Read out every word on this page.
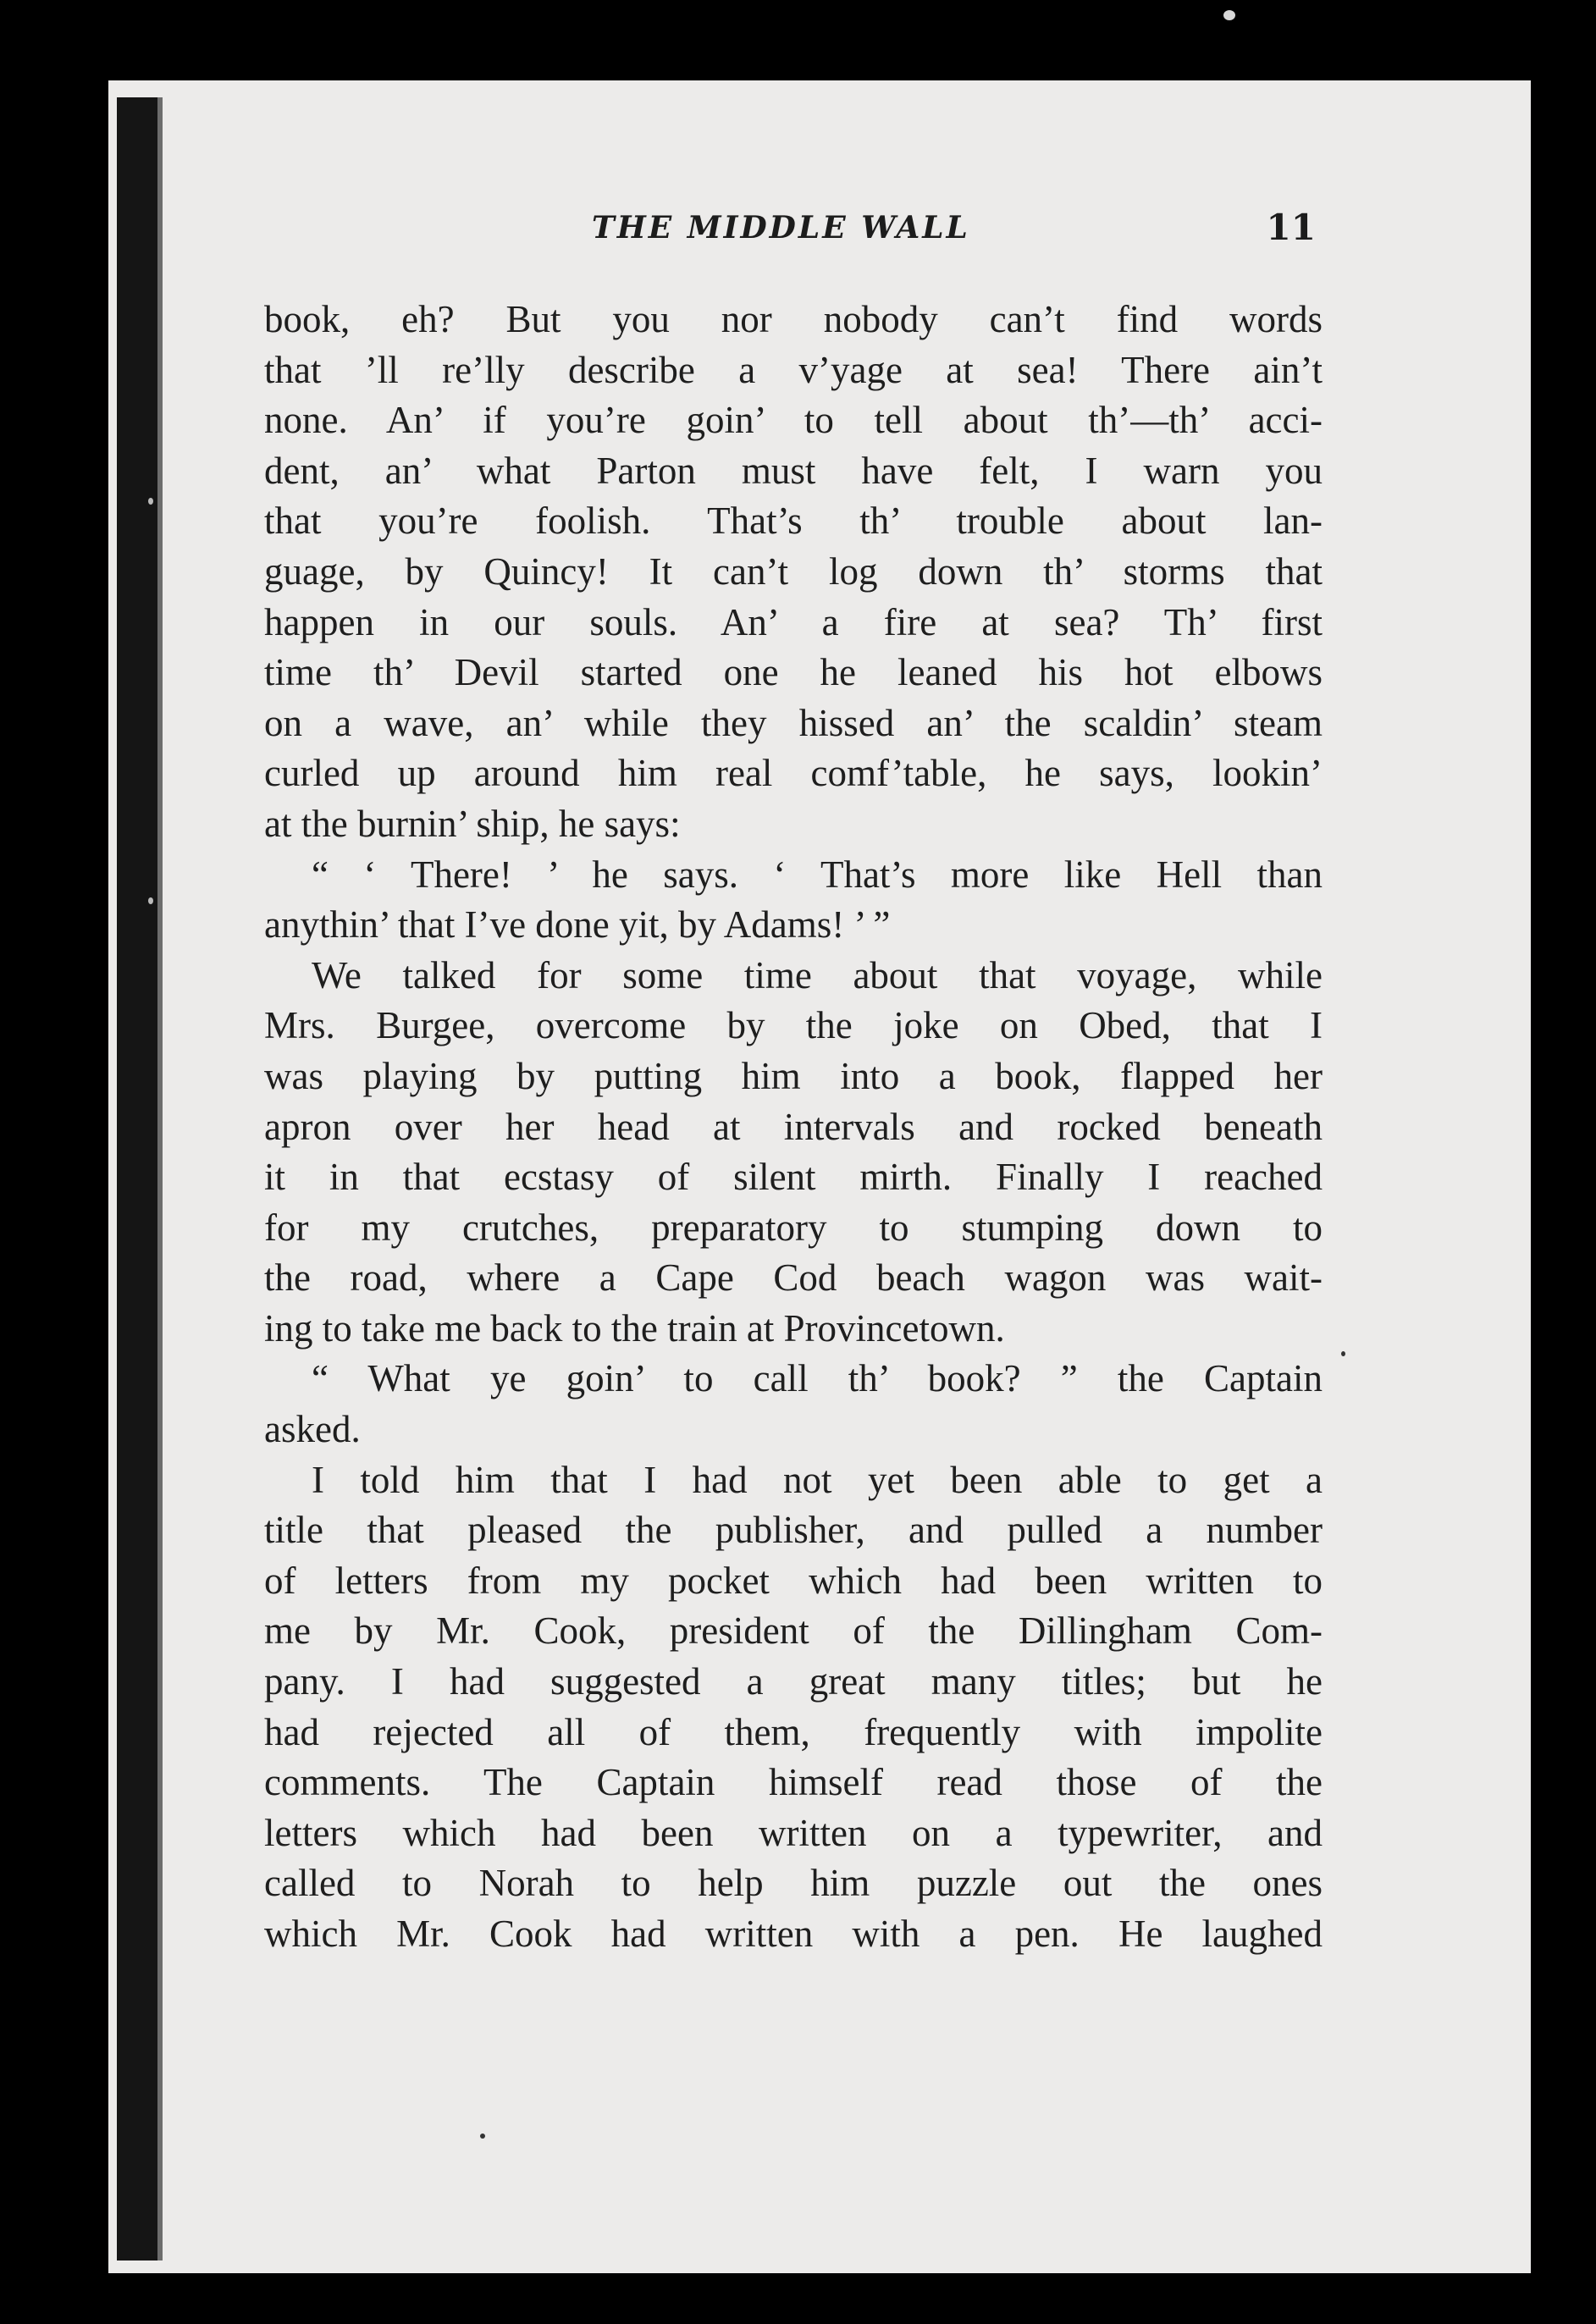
THE MIDDLE WALL	11
book, eh? But you nor nobody can’t find words
that ’ll re’lly describe a v’yage at sea! There ain’t
none. An’ if you’re goin’ to tell about th’—th’ acci-
dent, an’ what Parton must have felt, I warn you
that you’re foolish. That’s th’ trouble about lan-
guage, by Quincy! It can’t log down th’ storms that
happen in our souls. An’ a fire at sea? Th’ first
time th’ Devil started one he leaned his hot elbows
on a wave, an’ while they hissed an’ the scaldin’ steam
curled up around him real comf’table, he says, lookin’
at the burnin’ ship, he says:
“ ‘ There! ’ he says. ‘ That’s more like Hell than
anythin’ that I’ve done yit, by Adams! ’ ”
We talked for some time about that voyage, while
Mrs. Burgee, overcome by the joke on Obed, that I
was playing by putting him into a book, flapped her
apron over her head at intervals and rocked beneath
it in that ecstasy of silent mirth. Finally I reached
for my crutches, preparatory to stumping down to
the road, where a Cape Cod beach wagon was wait-
ing to take me back to the train at Provincetown.
“ What ye goin’ to call th’ book? ” the Captain
asked.
I told him that I had not yet been able to get a
title that pleased the publisher, and pulled a number
of letters from my pocket which had been written to
me by Mr. Cook, president of the Dillingham Com-
pany. I had suggested a great many titles; but he
had rejected all of them, frequently with impolite
comments. The Captain himself read those of the
letters which had been written on a typewriter, and
called to Norah to help him puzzle out the ones
which Mr. Cook had written with a pen. He laughed
